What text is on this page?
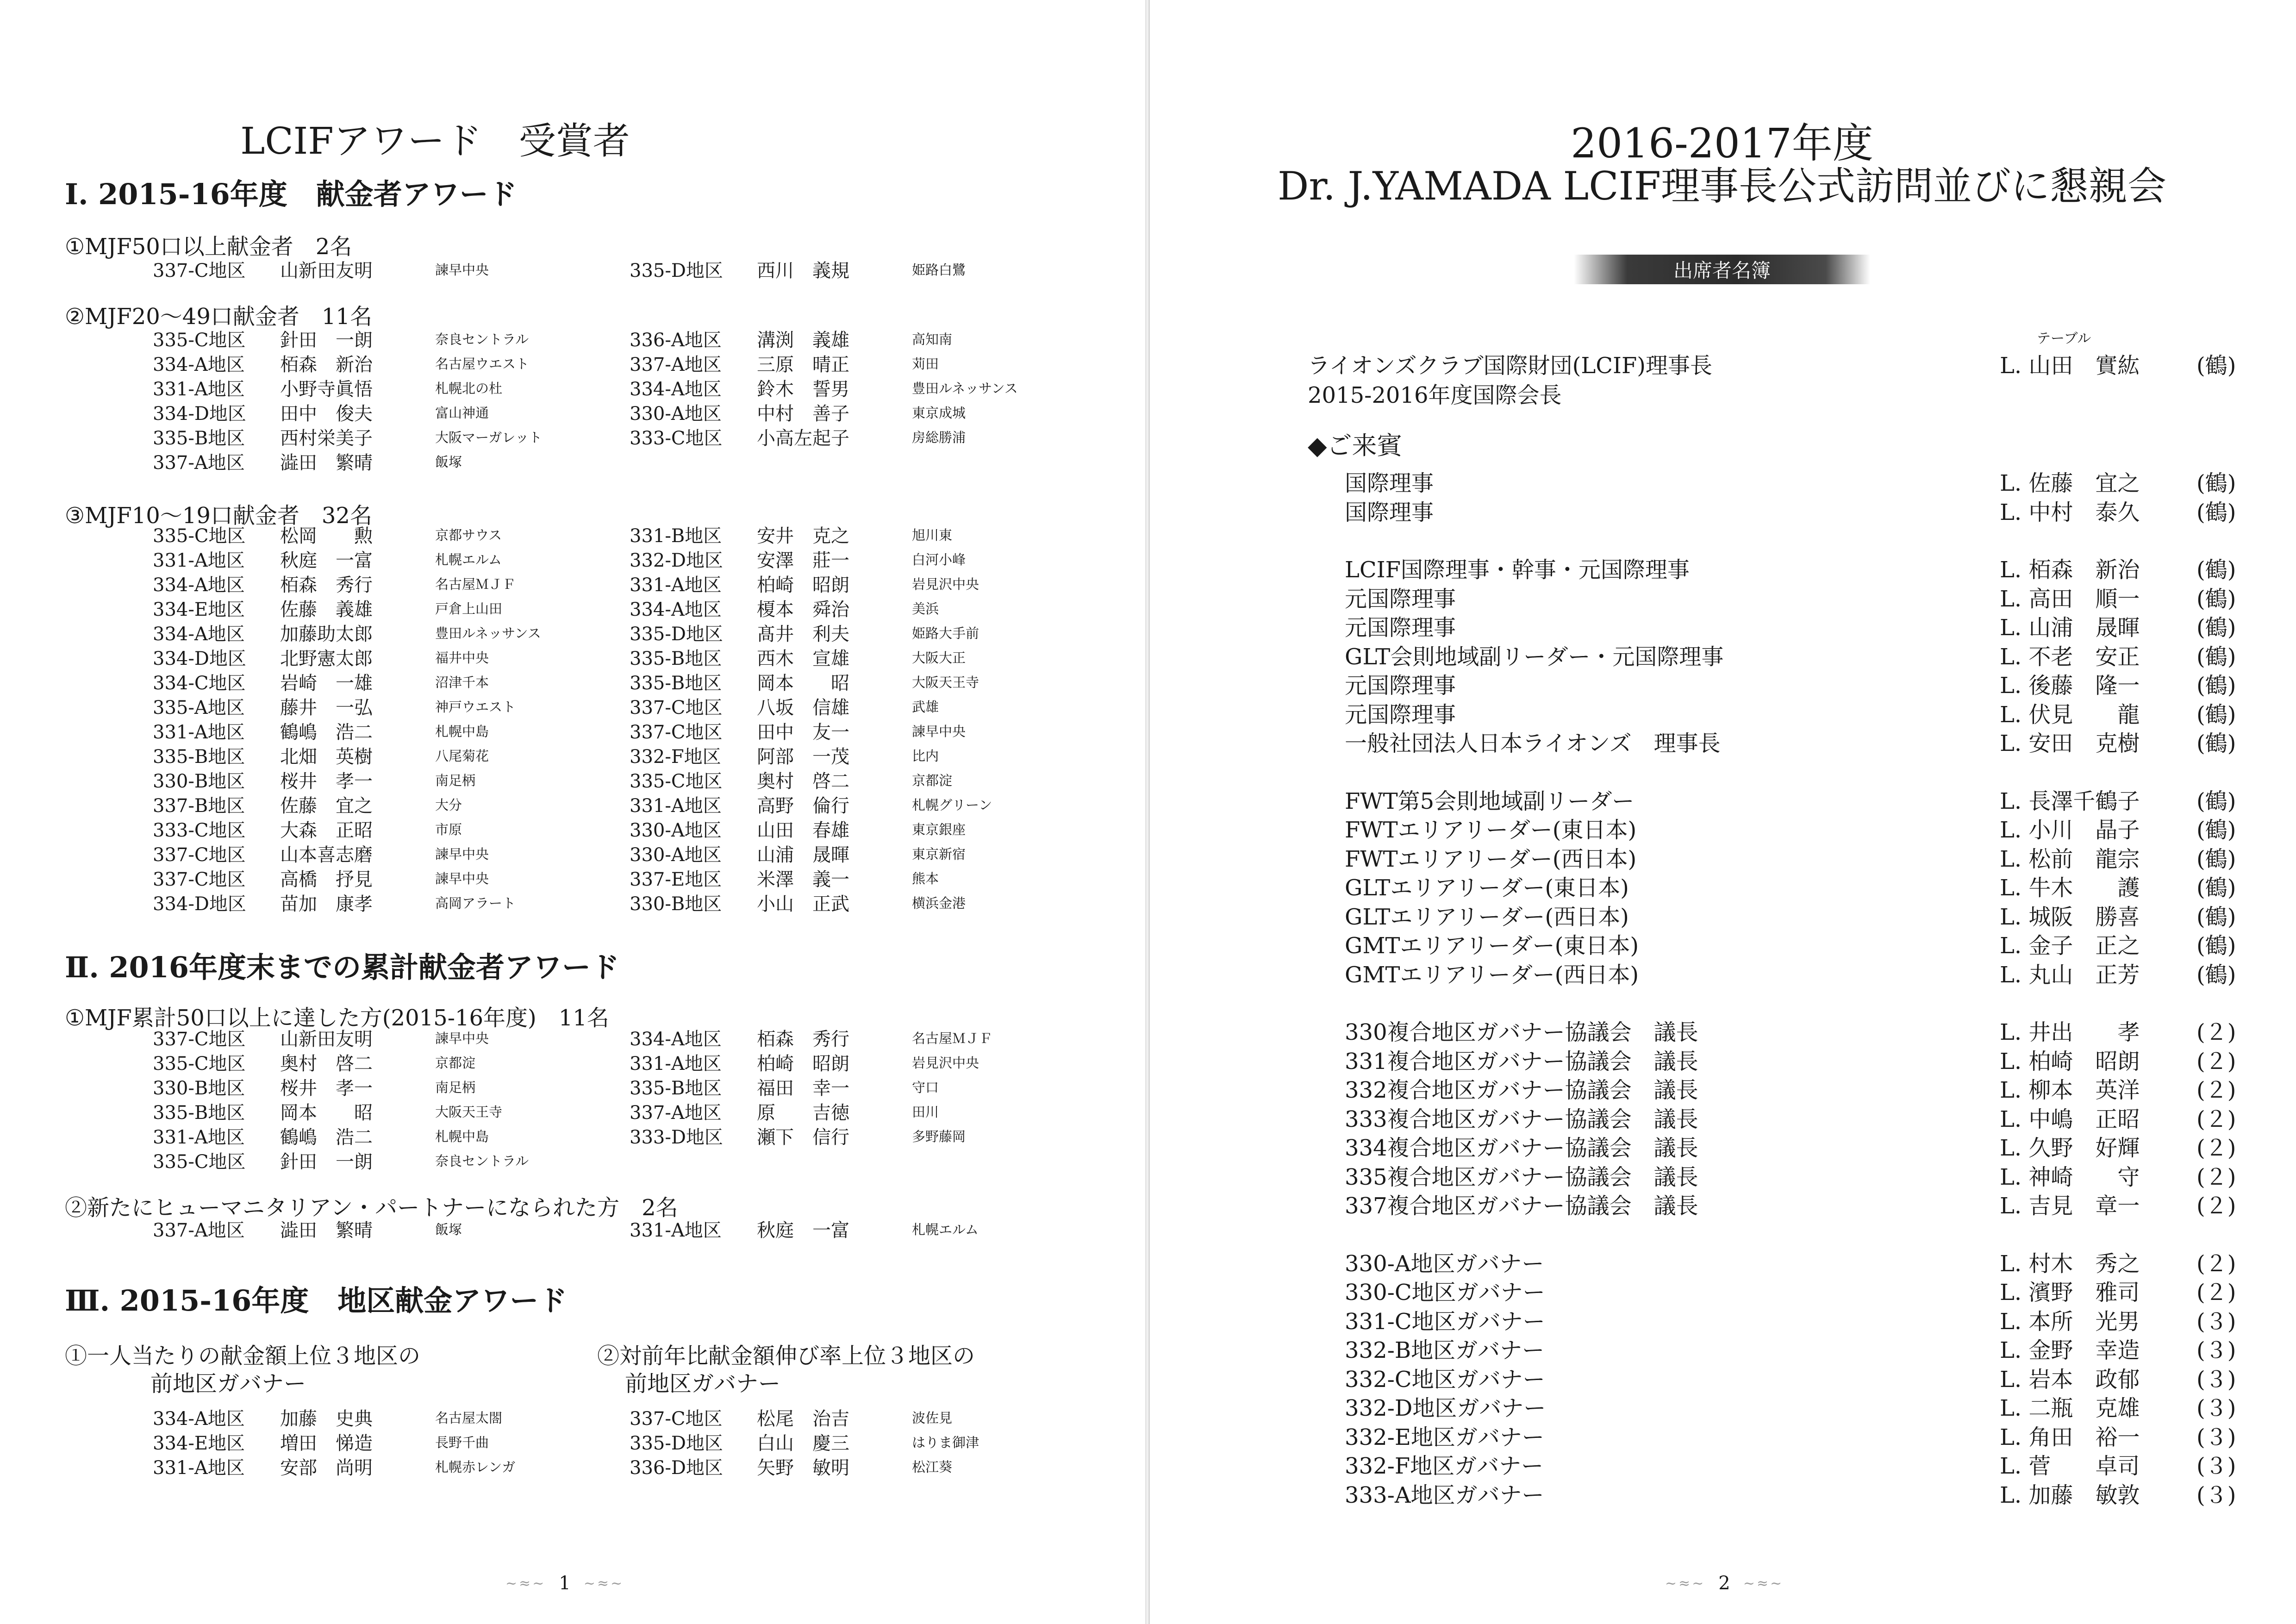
LCIFアワード　受賞者
Ⅰ. 2015-16年度　献金者アワード
①MJF50口以上献金者　2名
337-C地区	山新田友明	諫早中央	335-D地区	西川　義規	姫路白鷺
②MJF20～49口献金者　11名
335-C地区	針田　一朗	奈良セントラル
334-A地区	栢森　新治	名古屋ウエスト
331-A地区	小野寺眞悟	札幌北の杜
334-D地区	田中　俊夫	富山神通
335-B地区	西村栄美子	大阪マーガレット
337-A地区	澁田　繁晴	飯塚
336-A地区	溝渕　義雄	高知南
337-A地区	三原　晴正	苅田
334-A地区	鈴木　誓男	豊田ルネッサンス
330-A地区	中村　善子	東京成城
333-C地区	小高左起子	房総勝浦
③MJF10～19口献金者　32名
335-C地区	松岡　　勲	京都サウス
331-A地区	秋庭　一富	札幌エルム
334-A地区	栢森　秀行	名古屋ＭＪＦ
334-E地区	佐藤　義雄	戸倉上山田
334-A地区	加藤助太郎	豊田ルネッサンス
334-D地区	北野憲太郎	福井中央
334-C地区	岩崎　一雄	沼津千本
335-A地区	藤井　一弘	神戸ウエスト
331-A地区	鶴嶋　浩二	札幌中島
335-B地区	北畑　英樹	八尾菊花
330-B地区	桜井　孝一	南足柄
337-B地区	佐藤　宜之	大分
333-C地区	大森　正昭	市原
337-C地区	山本喜志磨	諫早中央
337-C地区	高橋　抒見	諫早中央
334-D地区	苗加　康孝	高岡アラート
331-B地区	安井　克之	旭川東
332-D地区	安澤　莊一	白河小峰
331-A地区	柏崎　昭朗	岩見沢中央
334-A地区	榎本　舜治	美浜
335-D地区	髙井　利夫	姫路大手前
335-B地区	西木　宣雄	大阪大正
335-B地区	岡本　　昭	大阪天王寺
337-C地区	八坂　信雄	武雄
337-C地区	田中　友一	諫早中央
332-F地区	阿部　一茂	比内
335-C地区	奥村　啓二	京都淀
331-A地区	高野　倫行	札幌グリーン
330-A地区	山田　春雄	東京銀座
330-A地区	山浦　晟暉	東京新宿
337-E地区	米澤　義一	熊本
330-B地区	小山　正武	横浜金港
Ⅱ. 2016年度末までの累計献金者アワード
①MJF累計50口以上に達した方(2015-16年度)　11名
337-C地区	山新田友明	諫早中央
335-C地区	奥村　啓二	京都淀
330-B地区	桜井　孝一	南足柄
335-B地区	岡本　　昭	大阪天王寺
331-A地区	鶴嶋　浩二	札幌中島
335-C地区	針田　一朗	奈良セントラル
334-A地区	栢森　秀行	名古屋ＭＪＦ
331-A地区	柏崎　昭朗	岩見沢中央
335-B地区	福田　幸一	守口
337-A地区	原　　吉徳	田川
333-D地区	瀬下　信行	多野藤岡
②新たにヒューマニタリアン・パートナーになられた方　2名
337-A地区	澁田　繁晴	飯塚	331-A地区	秋庭　一富	札幌エルム
Ⅲ. 2015-16年度　地区献金アワード
①一人当たりの献金額上位３地区の
前地区ガバナー
334-A地区	加藤　史典	名古屋太閤
334-E地区	増田　悌造	長野千曲
331-A地区	安部　尚明	札幌赤レンガ
②対前年比献金額伸び率上位３地区の
前地区ガバナー
337-C地区	松尾　治吉	波佐見
335-D地区	白山　慶三	はりま御津
336-D地区	矢野　敏明	松江葵
~≈~ 1 ~≈~
2016-2017年度
Dr. J.YAMADA LCIF理事長公式訪問並びに懇親会
出席者名簿
ライオンズクラブ国際財団(LCIF)理事長	L. 山田　實紘	(鶴)
2015-2016年度国際会長
◆ご来賓
国際理事	L. 佐藤　宜之	(鶴)
国際理事	L. 中村　泰久	(鶴)
LCIF国際理事・幹事・元国際理事	L. 栢森　新治	(鶴)
元国際理事	L. 高田　順一	(鶴)
元国際理事	L. 山浦　晟暉	(鶴)
GLT会則地域副リーダー・元国際理事	L. 不老　安正	(鶴)
元国際理事	L. 後藤　隆一	(鶴)
元国際理事	L. 伏見　　龍	(鶴)
一般社団法人日本ライオンズ　理事長	L. 安田　克樹	(鶴)
FWT第5会則地域副リーダー	L. 長澤千鶴子	(鶴)
FWTエリアリーダー(東日本)	L. 小川　晶子	(鶴)
FWTエリアリーダー(西日本)	L. 松前　龍宗	(鶴)
GLTエリアリーダー(東日本)	L. 牛木　　護	(鶴)
GLTエリアリーダー(西日本)	L. 城阪　勝喜	(鶴)
GMTエリアリーダー(東日本)	L. 金子　正之	(鶴)
GMTエリアリーダー(西日本)	L. 丸山　正芳	(鶴)
330複合地区ガバナー協議会　議長	L. 井出　　孝	(２)
331複合地区ガバナー協議会　議長	L. 柏崎　昭朗	(２)
332複合地区ガバナー協議会　議長	L. 柳本　英洋	(２)
333複合地区ガバナー協議会　議長	L. 中嶋　正昭	(２)
334複合地区ガバナー協議会　議長	L. 久野　好輝	(２)
335複合地区ガバナー協議会　議長	L. 神崎　　守	(２)
337複合地区ガバナー協議会　議長	L. 吉見　章一	(２)
330-A地区ガバナー	L. 村木　秀之	(２)
330-C地区ガバナー	L. 濱野　雅司	(２)
331-C地区ガバナー	L. 本所　光男	(３)
332-B地区ガバナー	L. 金野　幸造	(３)
332-C地区ガバナー	L. 岩本　政郁	(３)
332-D地区ガバナー	L. 二瓶　克雄	(３)
332-E地区ガバナー	L. 角田　裕一	(３)
332-F地区ガバナー	L. 菅　　卓司	(３)
333-A地区ガバナー	L. 加藤　敏敦	(３)
~≈~ 2 ~≈~
テーブル
